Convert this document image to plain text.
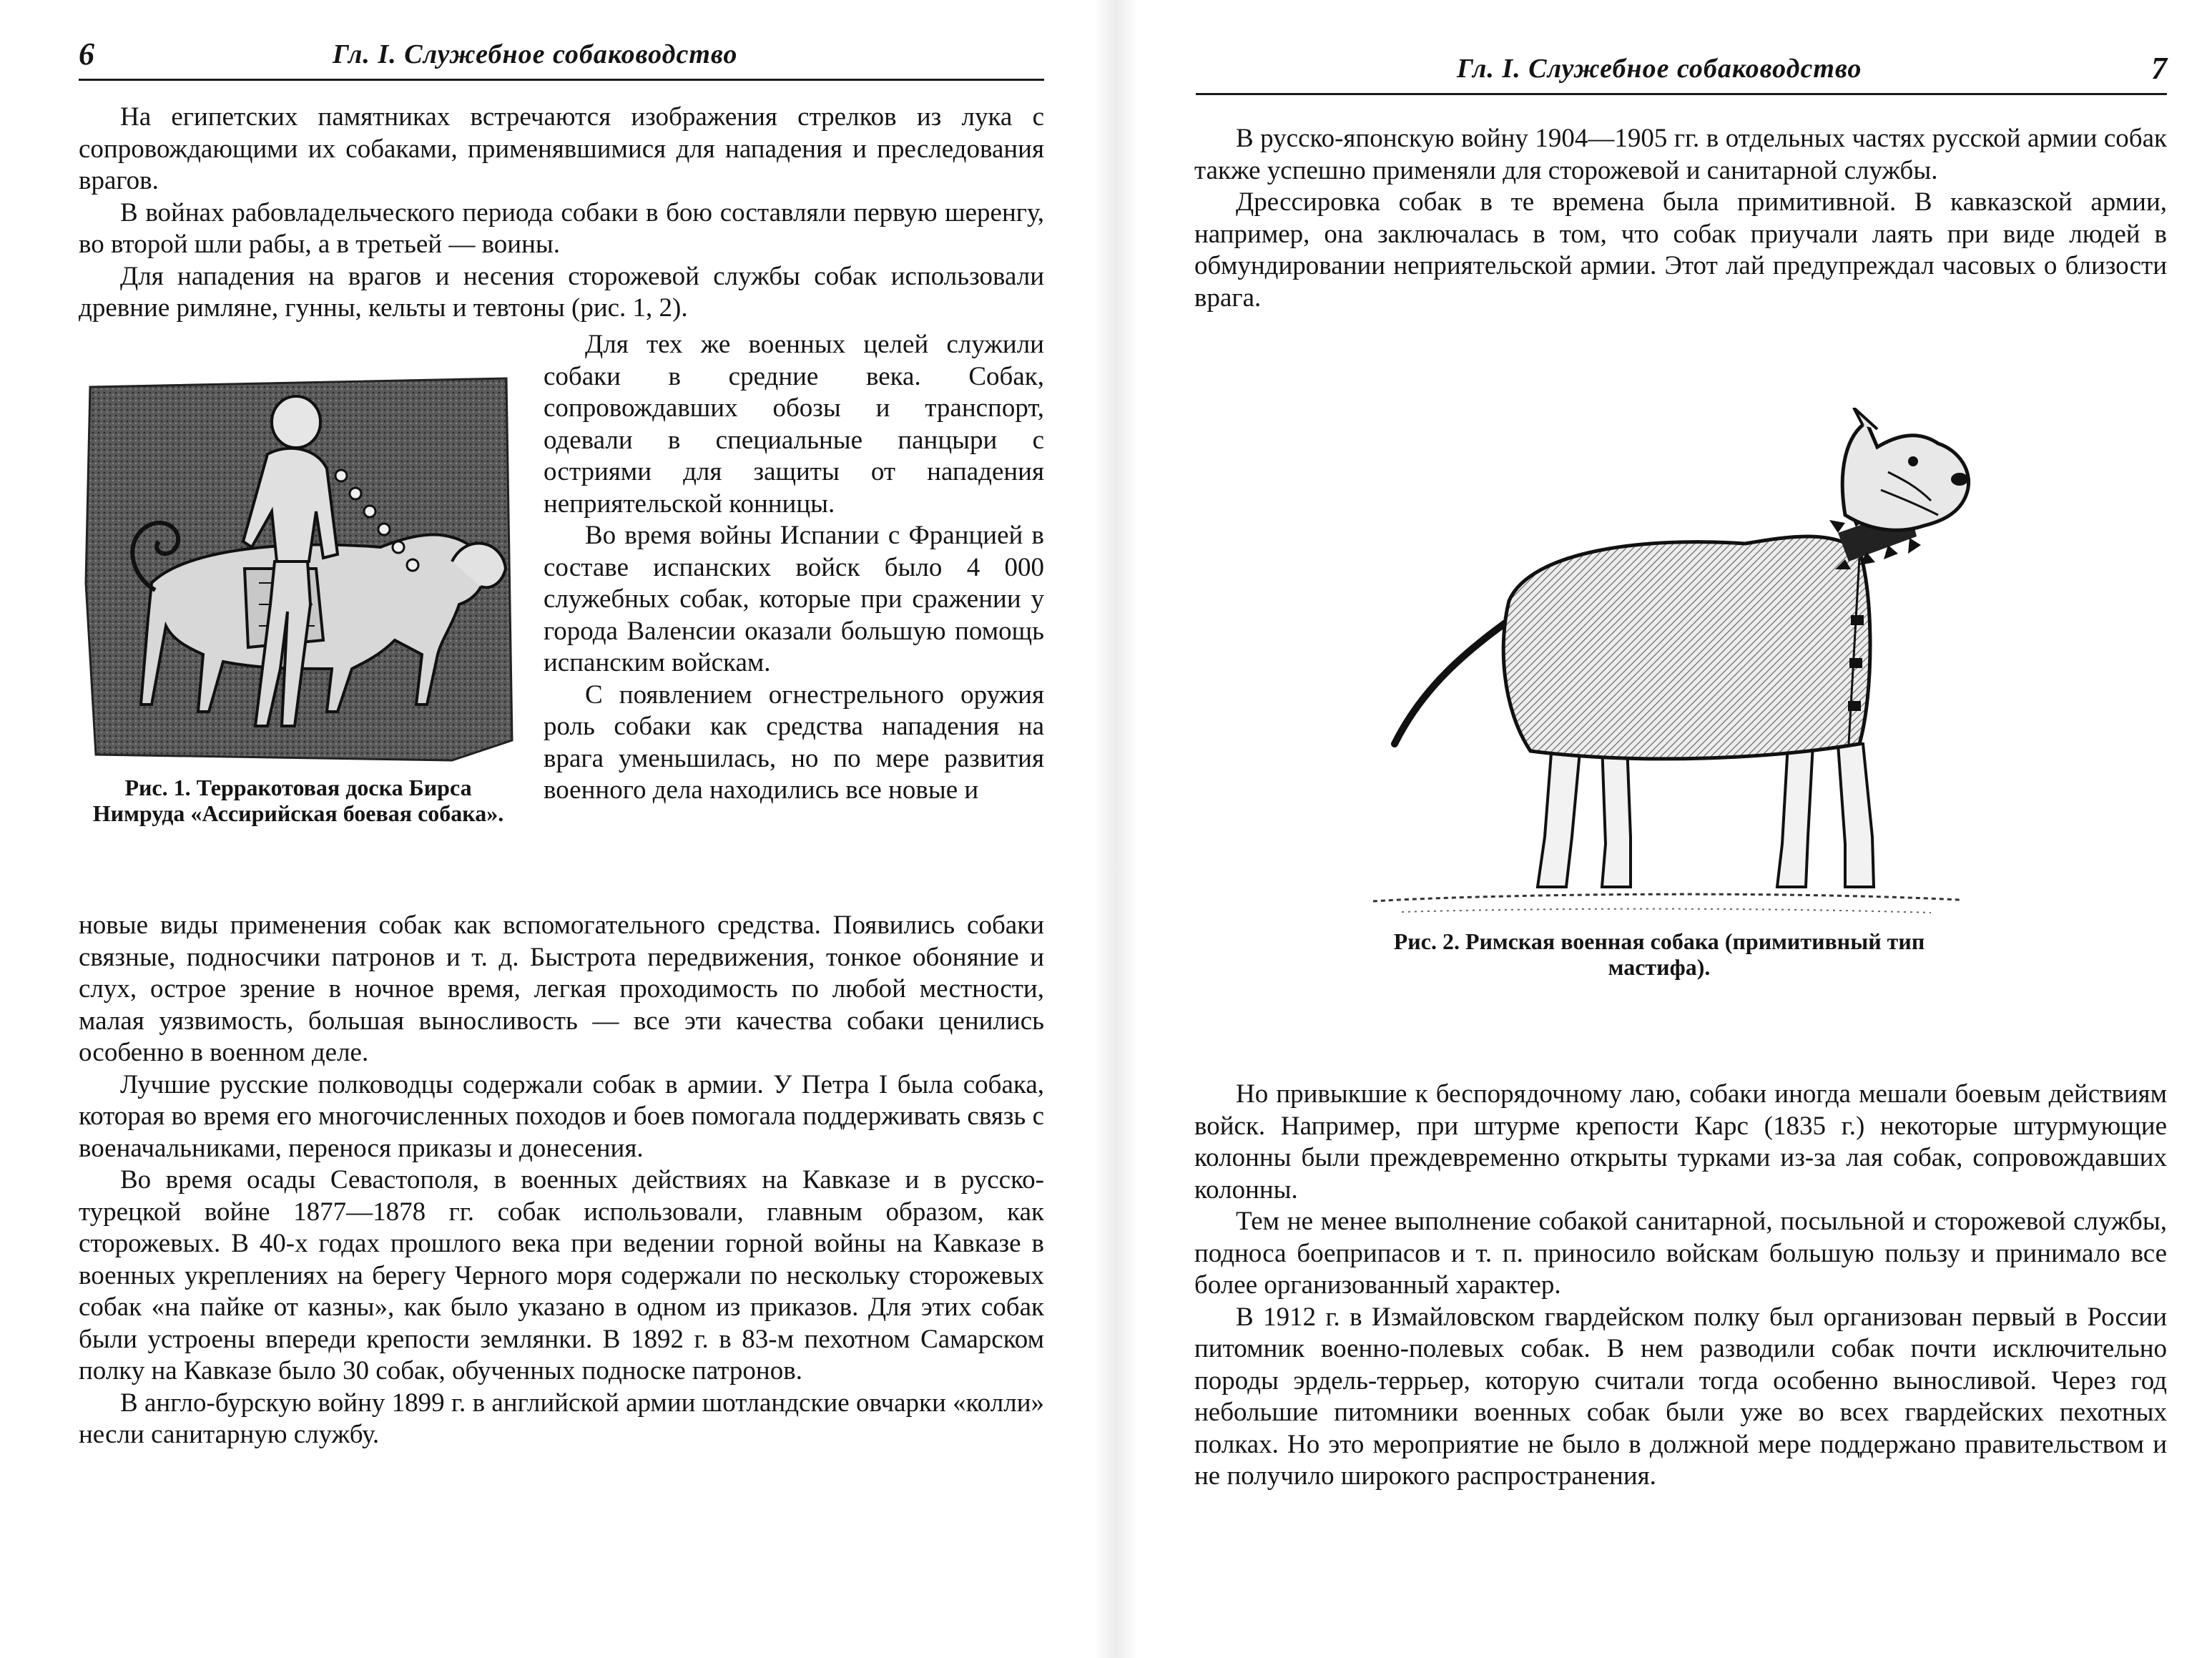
6	Гл. I. Служебное собаководство

На египетских памятниках встречаются изображения стрелков из лука с сопровождающими их собаками, применявшимися для нападения и преследования врагов.

В войнах рабовладельческого периода собаки в бою составляли первую шеренгу, во второй шли рабы, а в третьей — воины.

Для нападения на врагов и несения сторожевой службы собак использовали древние римляне, гунны, кельты и тевтоны (рис. 1, 2).

Рис. 1. Терракотовая доска Бирса Нимруда «Ассирийская боевая собака».

Для тех же военных целей служили собаки в средние века. Собак, сопровождавших обозы и транспорт, одевали в специальные панцыри с остриями для защиты от нападения неприятельской конницы.

Во время войны Испании с Францией в составе испанских войск было 4 000 служебных собак, которые при сражении у города Валенсии оказали большую помощь испанским войскам.

С появлением огнестрельного оружия роль собаки как средства нападения на врага уменьшилась, но по мере развития военного дела находились все новые и

новые виды применения собак как вспомогательного средства. Появились собаки связные, подносчики патронов и т. д. Быстрота передвижения, тонкое обоняние и слух, острое зрение в ночное время, легкая проходимость по любой местности, малая уязвимость, большая выносливость — все эти качества собаки ценились особенно в военном деле.

Лучшие русские полководцы содержали собак в армии. У Петра I была собака, которая во время его многочисленных походов и боев помогала поддерживать связь с военачальниками, перенося приказы и донесения.

Во время осады Севастополя, в военных действиях на Кавказе и в русско-турецкой войне 1877—1878 гг. собак использовали, главным образом, как сторожевых. В 40-х годах прошлого века при ведении горной войны на Кавказе в военных укреплениях на берегу Черного моря содержали по нескольку сторожевых собак «на пайке от казны», как было указано в одном из приказов. Для этих собак были устроены впереди крепости землянки. В 1892 г. в 83-м пехотном Самарском полку на Кавказе было 30 собак, обученных подноске патронов.

В англо-бурскую войну 1899 г. в английской армии шотландские овчарки «колли» несли санитарную службу.

Гл. I. Служебное собаководство	7

В русско-японскую войну 1904—1905 гг. в отдельных частях русской армии собак также успешно применяли для сторожевой и санитарной службы.

Дрессировка собак в те времена была примитивной. В кавказской армии, например, она заключалась в том, что собак приучали лаять при виде людей в обмундировании неприятельской армии. Этот лай предупреждал часовых о близости врага.

Рис. 2. Римская военная собака (примитивный тип мастифа).

Но привыкшие к беспорядочному лаю, собаки иногда мешали боевым действиям войск. Например, при штурме крепости Карс (1835 г.) некоторые штурмующие колонны были преждевременно открыты турками из-за лая собак, сопровождавших колонны.

Тем не менее выполнение собакой санитарной, посыльной и сторожевой службы, подноса боеприпасов и т. п. приносило войскам большую пользу и принимало все более организованный характер.

В 1912 г. в Измайловском гвардейском полку был организован первый в России питомник военно-полевых собак. В нем разводили собак почти исключительно породы эрдель-террьер, которую считали тогда особенно выносливой. Через год небольшие питомники военных собак были уже во всех гвардейских пехотных полках. Но это мероприятие не было в должной мере поддержано правительством и не получило широкого распространения.
